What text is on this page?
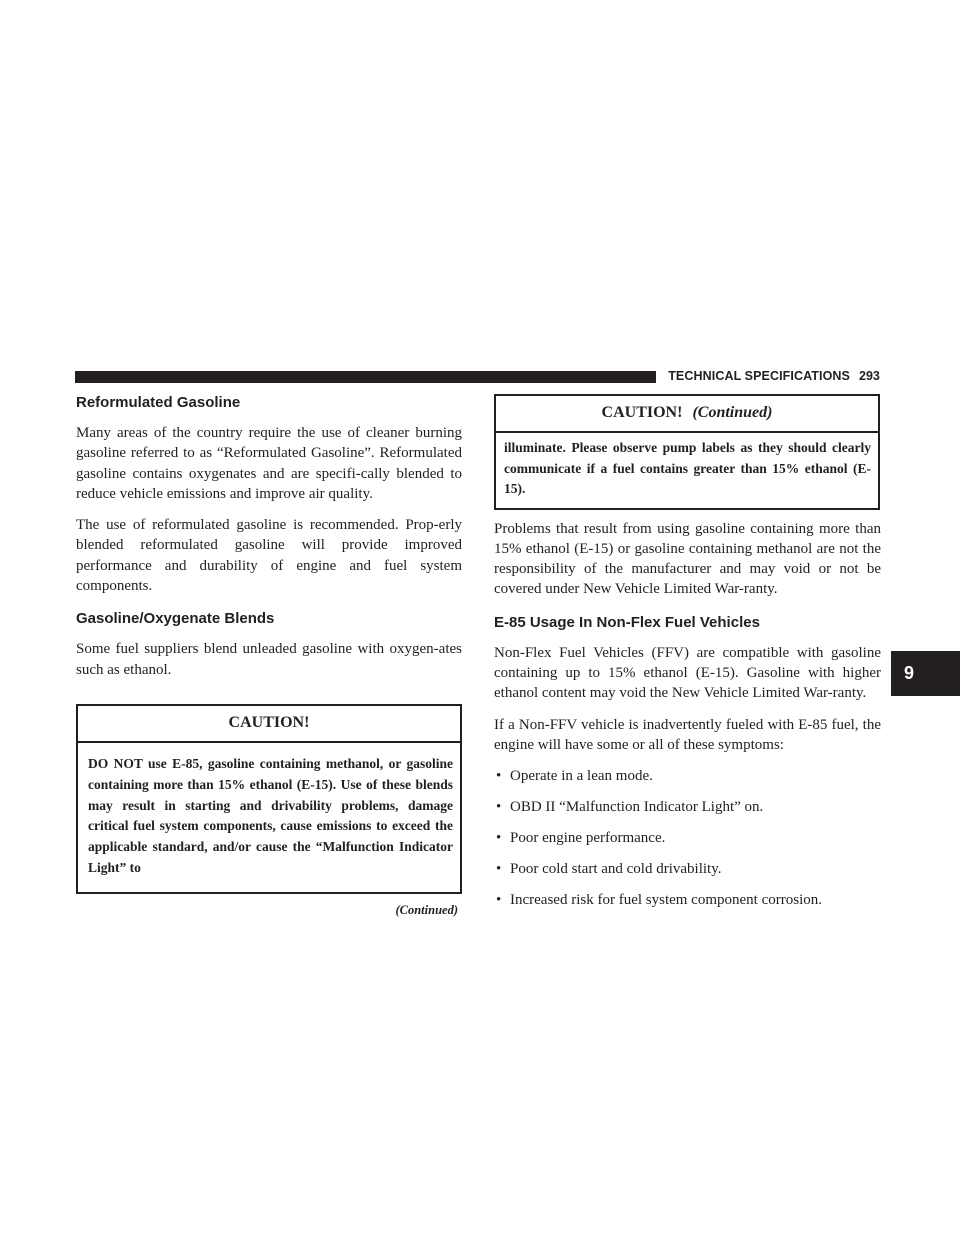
TECHNICAL SPECIFICATIONS 293
9
Reformulated Gasoline

Many areas of the country require the use of cleaner burning gasoline referred to as “Reformulated Gasoline”. Reformulated gasoline contains oxygenates and are specifi-cally blended to reduce vehicle emissions and improve air quality.

The use of reformulated gasoline is recommended. Prop-erly blended reformulated gasoline will provide improved performance and durability of engine and fuel system components.

Gasoline/Oxygenate Blends

Some fuel suppliers blend unleaded gasoline with oxygen-ates such as ethanol.

CAUTION!
DO NOT use E-85, gasoline containing methanol, or gasoline containing more than 15% ethanol (E-15). Use of these blends may result in starting and drivability problems, damage critical fuel system components, cause emissions to exceed the applicable standard, and/or cause the “Malfunction Indicator Light” to
(Continued)
CAUTION! (Continued)
illuminate. Please observe pump labels as they should clearly communicate if a fuel contains greater than 15% ethanol (E-15).

Problems that result from using gasoline containing more than 15% ethanol (E-15) or gasoline containing methanol are not the responsibility of the manufacturer and may void or not be covered under New Vehicle Limited War-ranty.

E-85 Usage In Non-Flex Fuel Vehicles

Non-Flex Fuel Vehicles (FFV) are compatible with gasoline containing up to 15% ethanol (E-15). Gasoline with higher ethanol content may void the New Vehicle Limited War-ranty.

If a Non-FFV vehicle is inadvertently fueled with E-85 fuel, the engine will have some or all of these symptoms:

• Operate in a lean mode.
• OBD II “Malfunction Indicator Light” on.
• Poor engine performance.
• Poor cold start and cold drivability.
• Increased risk for fuel system component corrosion.
